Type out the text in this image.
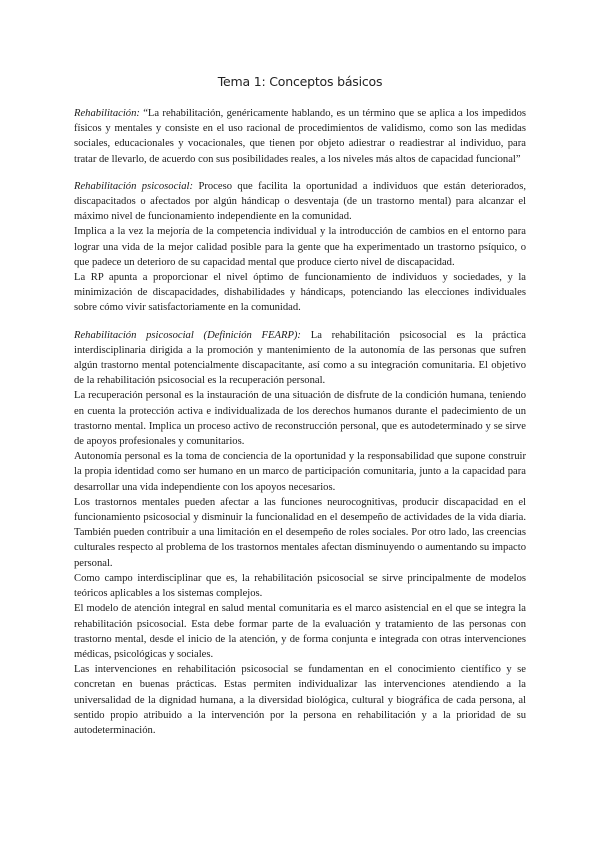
Tema 1: Conceptos básicos

Rehabilitación: “La rehabilitación, genéricamente hablando, es un término que se aplica a los impedidos físicos y mentales y consiste en el uso racional de procedimientos de validismo, como son las medidas sociales, educacionales y vocacionales, que tienen por objeto adiestrar o readiestrar al individuo, para tratar de llevarlo, de acuerdo con sus posibilidades reales, a los niveles más altos de capacidad funcional”

Rehabilitación psicosocial: Proceso que facilita la oportunidad a individuos que están deteriorados, discapacitados o afectados por algún hándicap o desventaja (de un trastorno mental) para alcanzar el máximo nivel de funcionamiento independiente en la comunidad.

Implica a la vez la mejoría de la competencia individual y la introducción de cambios en el entorno para lograr una vida de la mejor calidad posible para la gente que ha experimentado un trastorno psíquico, o que padece un deterioro de su capacidad mental que produce cierto nivel de discapacidad.

La RP apunta a proporcionar el nivel óptimo de funcionamiento de individuos y sociedades, y la minimización de discapacidades, dishabilidades y hándicaps, potenciando las elecciones individuales sobre cómo vivir satisfactoriamente en la comunidad.

Rehabilitación psicosocial (Definición FEARP): La rehabilitación psicosocial es la práctica interdisciplinaria dirigida a la promoción y mantenimiento de la autonomía de las personas que sufren algún trastorno mental potencialmente discapacitante, así como a su integración comunitaria. El objetivo de la rehabilitación psicosocial es la recuperación personal.

La recuperación personal es la instauración de una situación de disfrute de la condición humana, teniendo en cuenta la protección activa e individualizada de los derechos humanos durante el padecimiento de un trastorno mental. Implica un proceso activo de reconstrucción personal, que es autodeterminado y se sirve de apoyos profesionales y comunitarios.

Autonomía personal es la toma de conciencia de la oportunidad y la responsabilidad que supone construir la propia identidad como ser humano en un marco de participación comunitaria, junto a la capacidad para desarrollar una vida independiente con los apoyos necesarios.

Los trastornos mentales pueden afectar a las funciones neurocognitivas, producir discapacidad en el funcionamiento psicosocial y disminuir la funcionalidad en el desempeño de actividades de la vida diaria. También pueden contribuir a una limitación en el desempeño de roles sociales. Por otro lado, las creencias culturales respecto al problema de los trastornos mentales afectan disminuyendo o aumentando su impacto personal.

Como campo interdisciplinar que es, la rehabilitación psicosocial se sirve principalmente de modelos teóricos aplicables a los sistemas complejos.

El modelo de atención integral en salud mental comunitaria es el marco asistencial en el que se integra la rehabilitación psicosocial. Esta debe formar parte de la evaluación y tratamiento de las personas con trastorno mental, desde el inicio de la atención, y de forma conjunta e integrada con otras intervenciones médicas, psicológicas y sociales.

Las intervenciones en rehabilitación psicosocial se fundamentan en el conocimiento científico y se concretan en buenas prácticas. Estas permiten individualizar las intervenciones atendiendo a la universalidad de la dignidad humana, a la diversidad biológica, cultural y biográfica de cada persona, al sentido propio atribuido a la intervención por la persona en rehabilitación y a la prioridad de su autodeterminación.
